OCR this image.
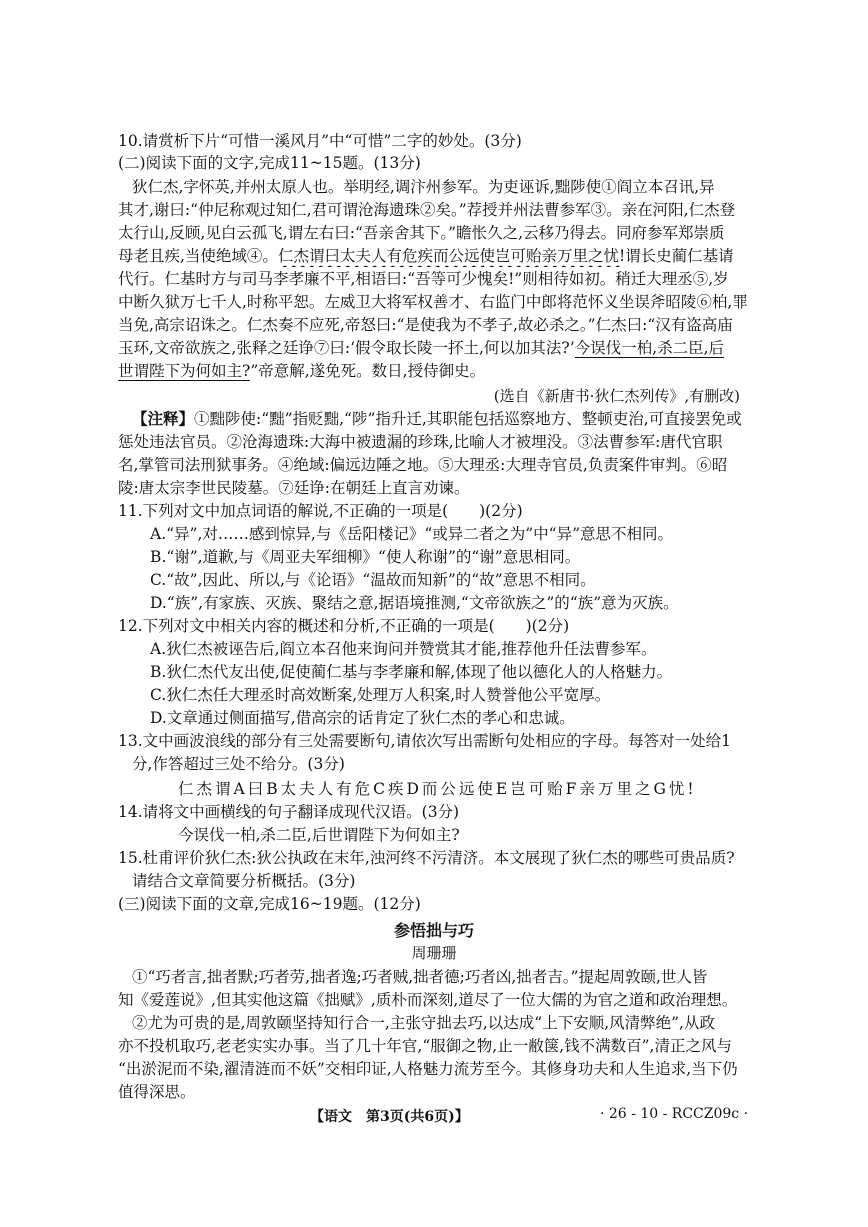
10.请赏析下片“可惜一溪风月”中“可惜”二字的妙处。(3分)
(二)阅读下面的文字,完成11~15题。(13分)
狄仁杰,字怀英,并州太原人也。举明经,调汴州参军。为吏诬诉,黜陟使①阎立本召讯,异
其才,谢曰:“仲尼称观过知仁,君可谓沧海遗珠②矣。”荐授并州法曹参军③。亲在河阳,仁杰登
太行山,反顾,见白云孤飞,谓左右曰:“吾亲舍其下。”瞻怅久之,云移乃得去。同府参军郑崇质
母老且疾,当使绝域④。仁杰谓曰太夫人有危疾而公远使岂可贻亲万里之忧!谓长史蔺仁基请
代行。仁基时方与司马李孝廉不平,相语曰:“吾等可少愧矣!”则相待如初。稍迁大理丞⑤,岁
中断久狱万七千人,时称平恕。左威卫大将军权善才、右监门中郎将范怀义坐误斧昭陵⑥柏,罪
当免,高宗诏诛之。仁杰奏不应死,帝怒曰:“是使我为不孝子,故必杀之。”仁杰曰:“汉有盗高庙
玉环,文帝欲族之,张释之廷诤⑦曰:‘假令取长陵一抔土,何以加其法?’今误伐一柏,杀二臣,后
世谓陛下为何如主?”帝意解,遂免死。数日,授侍御史。
(选自《新唐书·狄仁杰列传》,有删改)
【注释】①黜陟使:“黜”指贬黜,“陟”指升迁,其职能包括巡察地方、整顿吏治,可直接罢免或
惩处违法官员。②沧海遗珠:大海中被遗漏的珍珠,比喻人才被埋没。③法曹参军:唐代官职
名,掌管司法刑狱事务。④绝域:偏远边陲之地。⑤大理丞:大理寺官员,负责案件审判。⑥昭
陵:唐太宗李世民陵墓。⑦廷诤:在朝廷上直言劝谏。
11.下列对文中加点词语的解说,不正确的一项是(　　)(2分)
A.“异”,对……感到惊异,与《岳阳楼记》“或异二者之为”中“异”意思不相同。
B.“谢”,道歉,与《周亚夫军细柳》“使人称谢”的“谢”意思相同。
C.“故”,因此、所以,与《论语》“温故而知新”的“故”意思不相同。
D.“族”,有家族、灭族、聚结之意,据语境推测,“文帝欲族之”的“族”意为灭族。
12.下列对文中相关内容的概述和分析,不正确的一项是(　　)(2分)
A.狄仁杰被诬告后,阎立本召他来询问并赞赏其才能,推荐他升任法曹参军。
B.狄仁杰代友出使,促使蔺仁基与李孝廉和解,体现了他以德化人的人格魅力。
C.狄仁杰任大理丞时高效断案,处理万人积案,时人赞誉他公平宽厚。
D.文章通过侧面描写,借高宗的话肯定了狄仁杰的孝心和忠诚。
13.文中画波浪线的部分有三处需要断句,请依次写出需断句处相应的字母。每答对一处给1
分,作答超过三处不给分。(3分)
仁杰谓A曰B太夫人有危C疾D而公远使E岂可贻F亲万里之G忧!
14.请将文中画横线的句子翻译成现代汉语。(3分)
今误伐一柏,杀二臣,后世谓陛下为何如主?
15.杜甫评价狄仁杰:狄公执政在末年,浊河终不污清济。本文展现了狄仁杰的哪些可贵品质?
请结合文章简要分析概括。(3分)
(三)阅读下面的文章,完成16~19题。(12分)
参悟拙与巧
周珊珊
①“巧者言,拙者默;巧者劳,拙者逸;巧者贼,拙者德;巧者凶,拙者吉。”提起周敦颐,世人皆
知《爱莲说》,但其实他这篇《拙赋》,质朴而深刻,道尽了一位大儒的为官之道和政治理想。
②尤为可贵的是,周敦颐坚持知行合一,主张守拙去巧,以达成“上下安顺,风清弊绝”,从政
亦不投机取巧,老老实实办事。当了几十年官,“服御之物,止一敝箧,钱不满数百”,清正之风与
“出淤泥而不染,濯清涟而不妖”交相印证,人格魅力流芳至今。其修身功夫和人生追求,当下仍
值得深思。
【语文　第3页(共6页)】	· 26 - 10 - RCCZ09c ·
